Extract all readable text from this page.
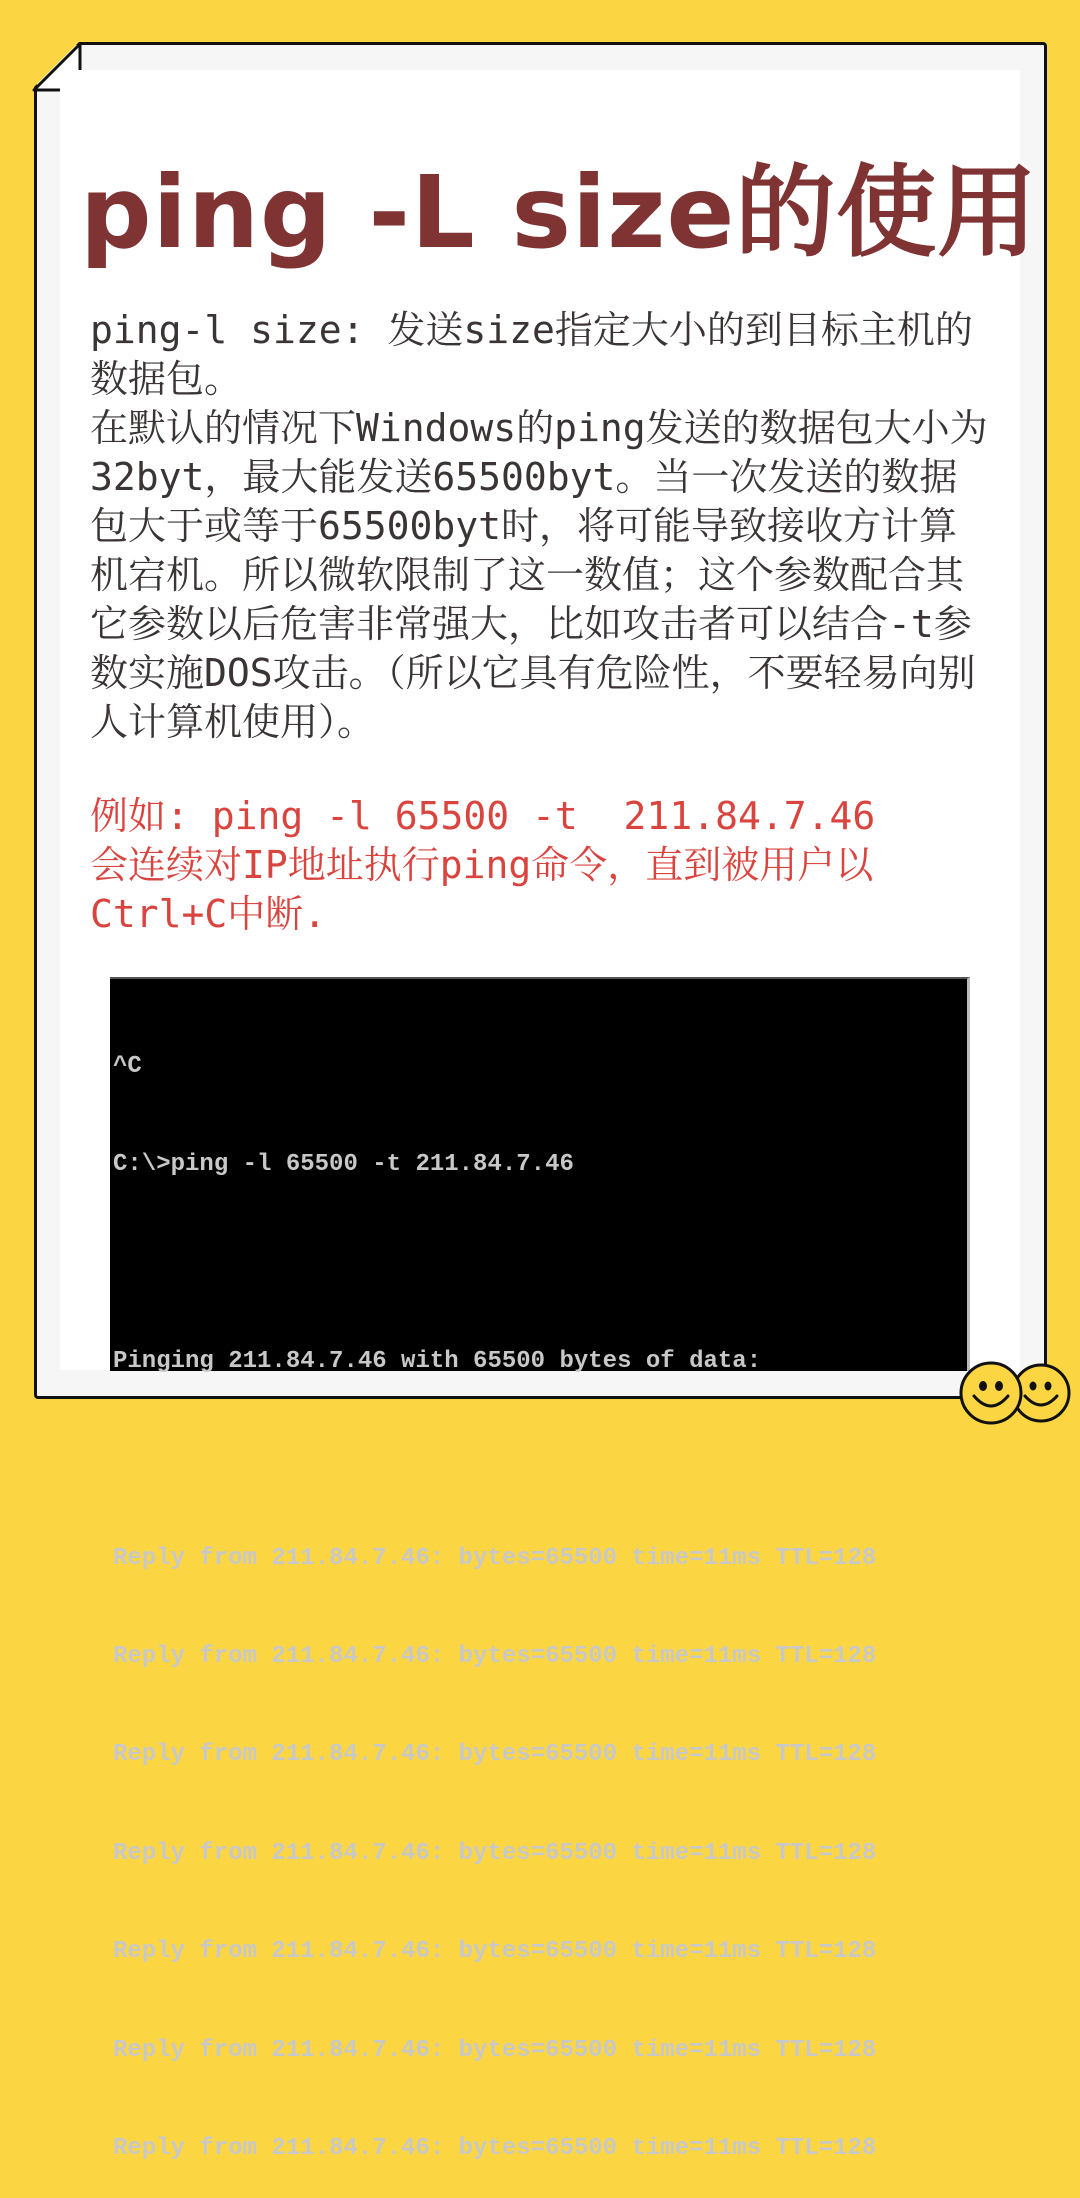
ping -L size的使用

ping-l size: 发送size指定大小的到目标主机的数据包。

在默认的情况下Windows的ping发送的数据包大小为32byt，最大能发送65500byt。当一次发送的数据包大于或等于65500byt时，将可能导致接收方计算机宕机。所以微软限制了这一数值；这个参数配合其它参数以后危害非常强大，比如攻击者可以结合-t参数实施DOS攻击。（所以它具有危险性，不要轻易向别人计算机使用）。

例如: ping -l 65500 -t  211.84.7.46

会连续对IP地址执行ping命令，直到被用户以Ctrl+C中断.

^C

C:\>ping -l 65500 -t 211.84.7.46

Pinging 211.84.7.46 with 65500 bytes of data:

Reply from 211.84.7.46: bytes=65500 time=11ms TTL=128

Reply from 211.84.7.46: bytes=65500 time=11ms TTL=128

Reply from 211.84.7.46: bytes=65500 time=11ms TTL=128

Reply from 211.84.7.46: bytes=65500 time=11ms TTL=128

Reply from 211.84.7.46: bytes=65500 time=11ms TTL=128

Reply from 211.84.7.46: bytes=65500 time=11ms TTL=128

Reply from 211.84.7.46: bytes=65500 time=11ms TTL=128
